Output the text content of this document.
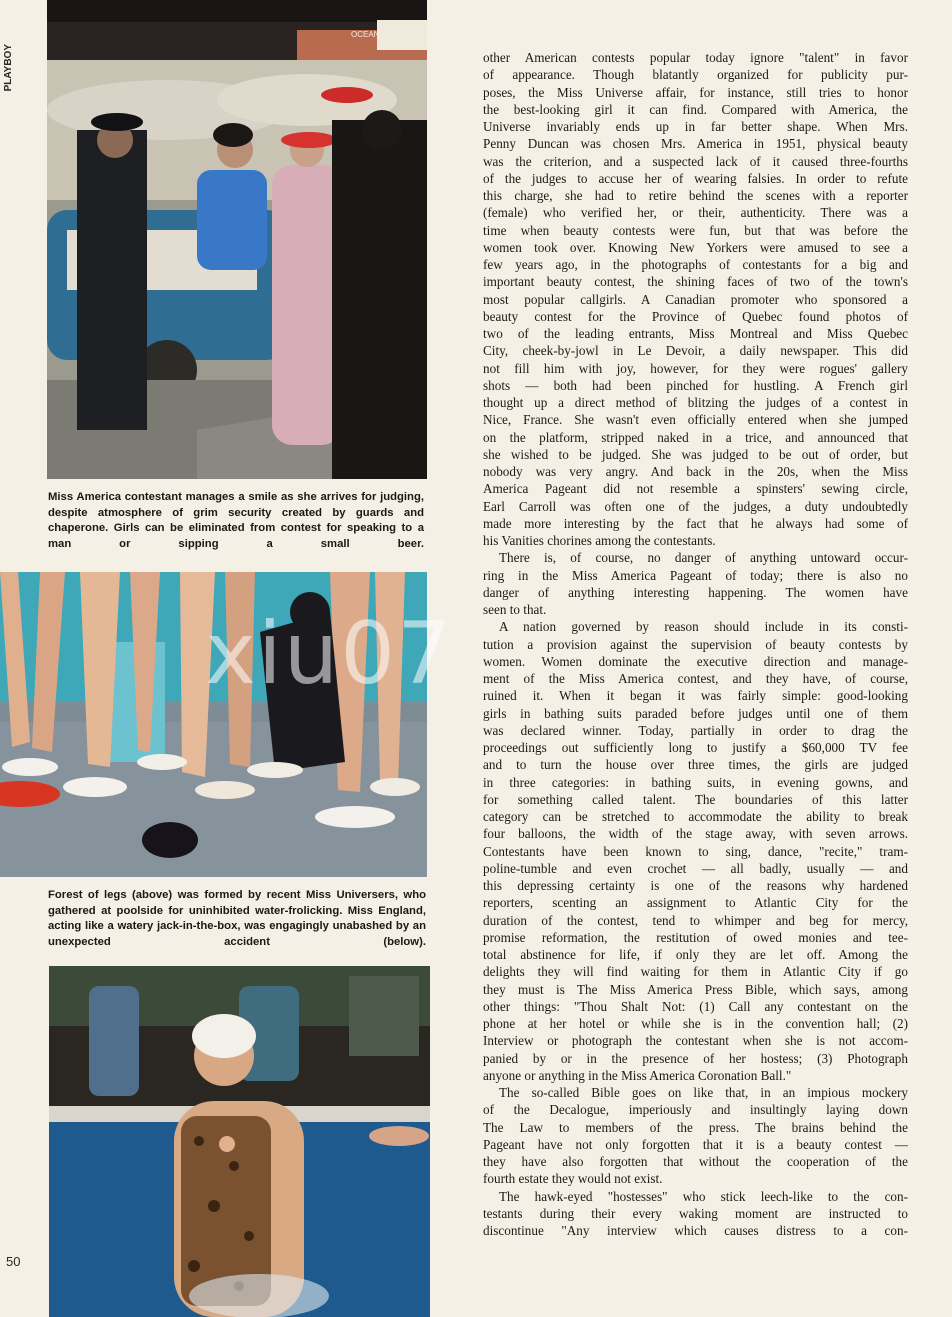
PLAYBOY
50
OCEAN
Miss America contestant manages a smile as she arrives for judging, despite atmosphere of grim security created by guards and chaperone. Girls can be eliminated from contest for speaking to a man or sipping a small beer.
Forest of legs (above) was formed by recent Miss Universers, who gathered at poolside for uninhibited water-frolicking. Miss England, acting like a watery jack-in-the-box, was engagingly unabashed by an unexpected accident (below).
xiu07

other American contests popular today ignore "talent" in favor

of appearance. Though blatantly organized for publicity pur-

poses, the Miss Universe affair, for instance, still tries to honor

the best-looking girl it can find. Compared with America, the

Universe invariably ends up in far better shape. When Mrs.

Penny Duncan was chosen Mrs. America in 1951, physical beauty

was the criterion, and a suspected lack of it caused three-fourths

of the judges to accuse her of wearing falsies. In order to refute

this charge, she had to retire behind the scenes with a reporter

(female) who verified her, or their, authenticity. There was a

time when beauty contests were fun, but that was before the

women took over. Knowing New Yorkers were amused to see a

few years ago, in the photographs of contestants for a big and

important beauty contest, the shining faces of two of the town's

most popular callgirls. A Canadian promoter who sponsored a

beauty contest for the Province of Quebec found photos of

two of the leading entrants, Miss Montreal and Miss Quebec

City, cheek-by-jowl in Le Devoir, a daily newspaper. This did

not fill him with joy, however, for they were rogues' gallery

shots — both had been pinched for hustling. A French girl

thought up a direct method of blitzing the judges of a contest in

Nice, France. She wasn't even officially entered when she jumped

on the platform, stripped naked in a trice, and announced that

she wished to be judged. She was judged to be out of order, but

nobody was very angry. And back in the 20s, when the Miss

America Pageant did not resemble a spinsters' sewing circle,

Earl Carroll was often one of the judges, a duty undoubtedly

made more interesting by the fact that he always had some of

his Vanities chorines among the contestants.

There is, of course, no danger of anything untoward occur-

ring in the Miss America Pageant of today; there is also no

danger of anything interesting happening. The women have

seen to that.

A nation governed by reason should include in its consti-

tution a provision against the supervision of beauty contests by

women. Women dominate the executive direction and manage-

ment of the Miss America contest, and they have, of course,

ruined it. When it began it was fairly simple: good-looking

girls in bathing suits paraded before judges until one of them

was declared winner. Today, partially in order to drag the

proceedings out sufficiently long to justify a $60,000 TV fee

and to turn the house over three times, the girls are judged

in three categories: in bathing suits, in evening gowns, and

for something called talent. The boundaries of this latter

category can be stretched to accommodate the ability to break

four balloons, the width of the stage away, with seven arrows.

Contestants have been known to sing, dance, "recite," tram-

poline-tumble and even crochet — all badly, usually — and

this depressing certainty is one of the reasons why hardened

reporters, scenting an assignment to Atlantic City for the

duration of the contest, tend to whimper and beg for mercy,

promise reformation, the restitution of owed monies and tee-

total abstinence for life, if only they are let off. Among the

delights they will find waiting for them in Atlantic City if go

they must is The Miss America Press Bible, which says, among

other things: "Thou Shalt Not: (1) Call any contestant on the

phone at her hotel or while she is in the convention hall; (2)

Interview or photograph the contestant when she is not accom-

panied by or in the presence of her hostess; (3) Photograph

anyone or anything in the Miss America Coronation Ball."

The so-called Bible goes on like that, in an impious mockery

of the Decalogue, imperiously and insultingly laying down

The Law to members of the press. The brains behind the

Pageant have not only forgotten that it is a beauty contest —

they have also forgotten that without the cooperation of the

fourth estate they would not exist.

The hawk-eyed "hostesses" who stick leech-like to the con-

testants during their every waking moment are instructed to

discontinue "Any interview which causes distress to a con-
